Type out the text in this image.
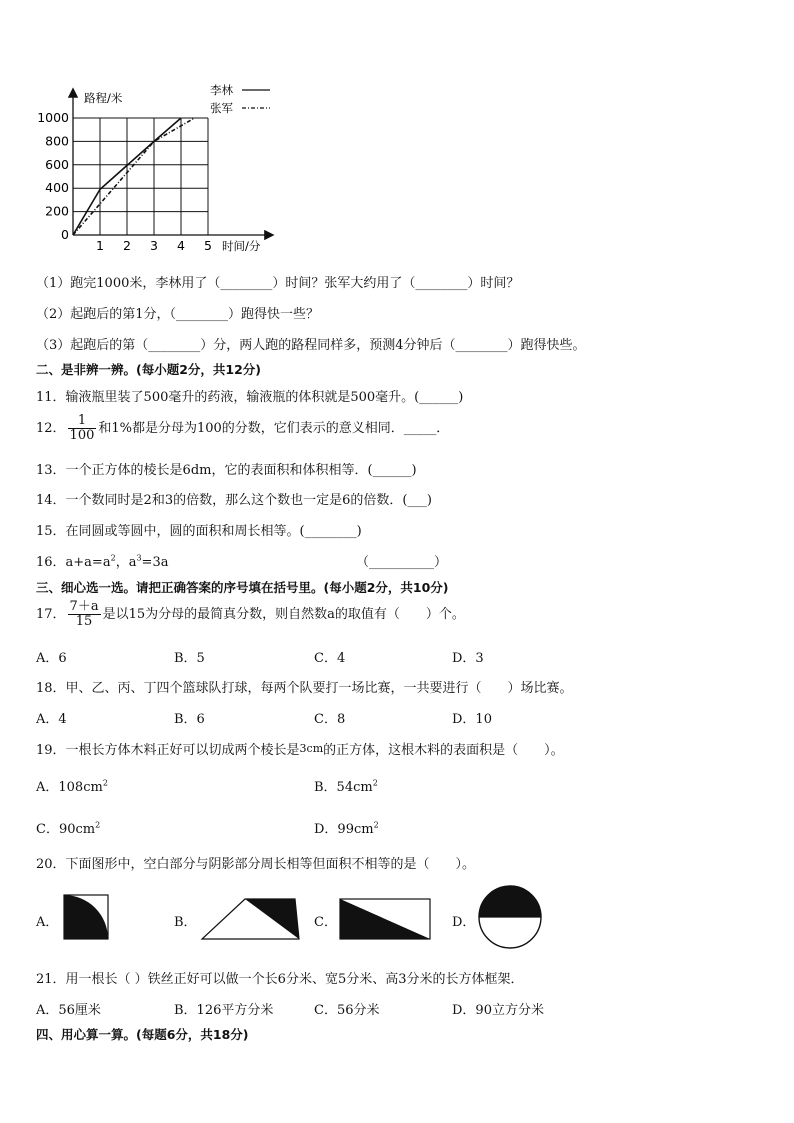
0
200
400
600
800
1000
1 2 3 4 5
路程/米
时间/分
李林
张军
（1）跑完1000米，李林用了（________）时间？张军大约用了（________）时间？
（2）起跑后的第1分，（________）跑得快一些？
（3）起跑后的第（________）分，两人跑的路程同样多，预测4分钟后（________）跑得快些。
二、是非辨一辨。(每小题2分，共12分)
11．输液瓶里装了500毫升的药液，输液瓶的体积就是500毫升。(______)
12． $\frac{1}{100}$ 和1%都是分母为100的分数，它们表示的意义相同．_____．
13．一个正方体的棱长是6dm，它的表面积和体积相等．(______)
14．一个数同时是2和3的倍数，那么这个数也一定是6的倍数．(___)
15．在同圆或等圆中，圆的面积和周长相等。(________)
16．$a+a=a^2$，$a^3=3a$	（__________）
三、细心选一选。请把正确答案的序号填在括号里。(每小题2分，共10分)
17． $\frac{7+a}{15}$ 是以15为分母的最简真分数，则自然数a的取值有（　　）个。
A．6	B．5	C．4	D．3
18．甲、乙、丙、丁四个篮球队打球，每两个队要打一场比赛，一共要进行（　　）场比赛。
A．4	B．6	C．8	D．10
19．一根长方体木料正好可以切成两个棱长是3cm的正方体，这根木料的表面积是（　　）。
A．$108cm^2$	B．$54cm^2$
C．$90cm^2$	D．$99cm^2$
20．下面图形中，空白部分与阴影部分周长相等但面积不相等的是（　　）。
A．	B．	C．	D．
21．用一根长（ ）铁丝正好可以做一个长6分米、宽5分米、高3分米的长方体框架．
A．56厘米	B．126平方分米	C．56分米	D．90立方分米
四、用心算一算。(每题6分，共18分)
